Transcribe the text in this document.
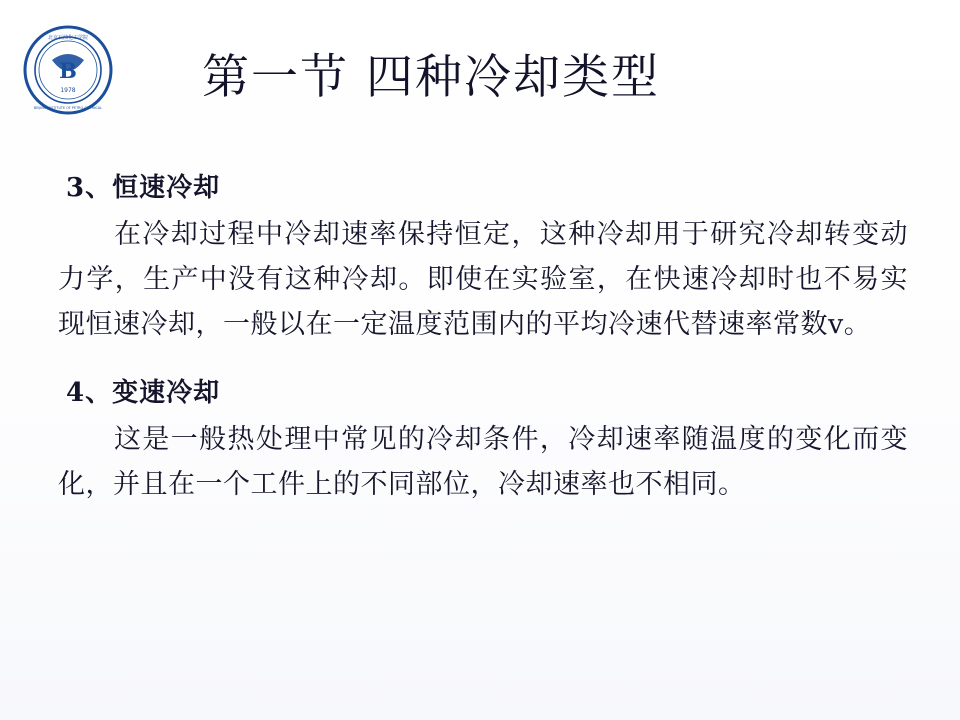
北京石油化工学院
BEIJING INSTITUTE OF PETRO-CHEMICAL
B
1978	第一节 四种冷却类型
3、恒速冷却

在冷却过程中冷却速率保持恒定，这种冷却用于研究冷却转变动力学，生产中没有这种冷却。即使在实验室，在快速冷却时也不易实现恒速冷却，一般以在一定温度范围内的平均冷速代替速率常数v。

4、变速冷却

这是一般热处理中常见的冷却条件，冷却速率随温度的变化而变化，并且在一个工件上的不同部位，冷却速率也不相同。
